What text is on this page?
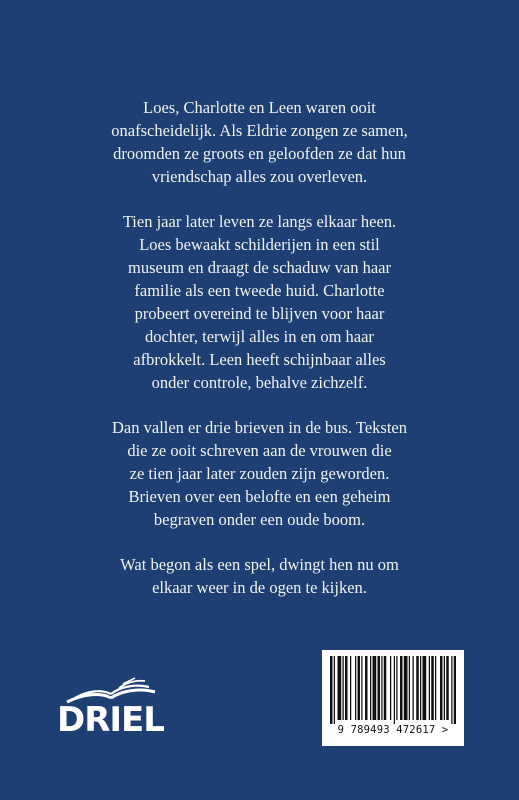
Loes, Charlotte en Leen waren ooit
onafscheidelijk. Als Eldrie zongen ze samen,
droomden ze groots en geloofden ze dat hun
vriendschap alles zou overleven.

Tien jaar later leven ze langs elkaar heen.
Loes bewaakt schilderijen in een stil
museum en draagt de schaduw van haar
familie als een tweede huid. Charlotte
probeert overeind te blijven voor haar
dochter, terwijl alles in en om haar
afbrokkelt. Leen heeft schijnbaar alles
onder controle, behalve zichzelf.

Dan vallen er drie brieven in de bus. Teksten
die ze ooit schreven aan de vrouwen die
ze tien jaar later zouden zijn geworden.
Brieven over een belofte en een geheim
begraven onder een oude boom.

Wat begon als een spel, dwingt hen nu om
elkaar weer in de ogen te kijken.

DRIEL	9 789493 472617 >
